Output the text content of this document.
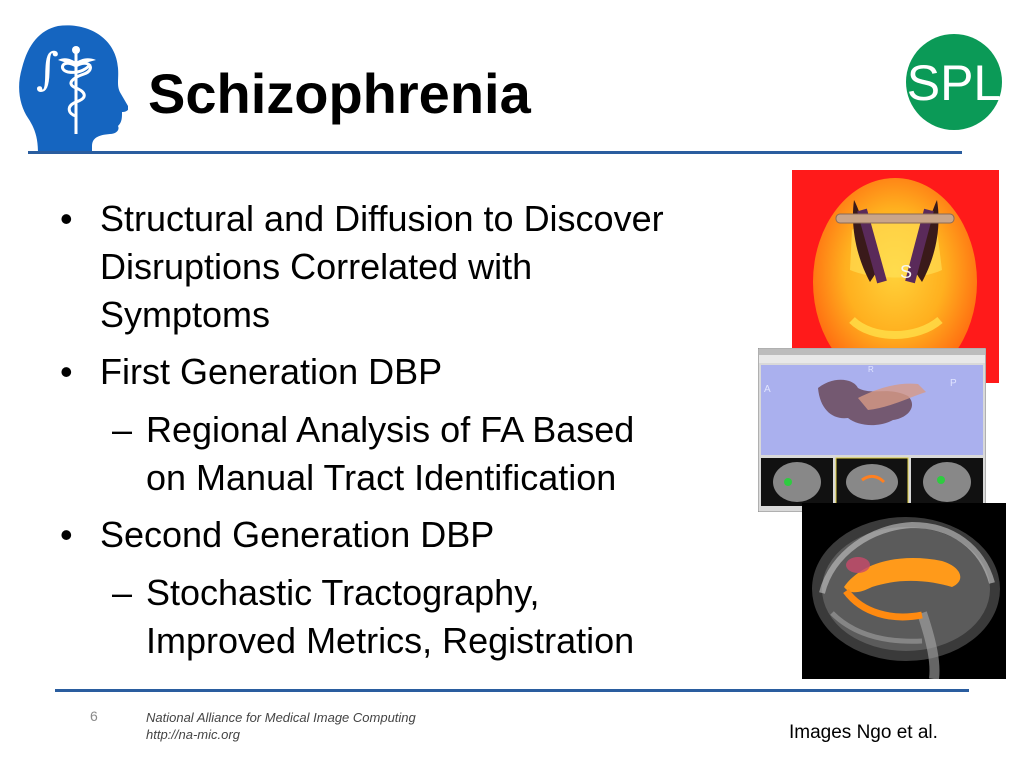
∫ Schizophrenia	SPL
• Structural and Diffusion to Discover
Disruptions Correlated with
Symptoms
• First Generation DBP
– Regional Analysis of FA Based
on Manual Tract Identification
• Second Generation DBP
– Stochastic Tractography,
Improved Metrics, Registration
S
A
P
R
6	National Alliance for Medical Image Computing
http://na-mic.org	Images Ngo et al.
